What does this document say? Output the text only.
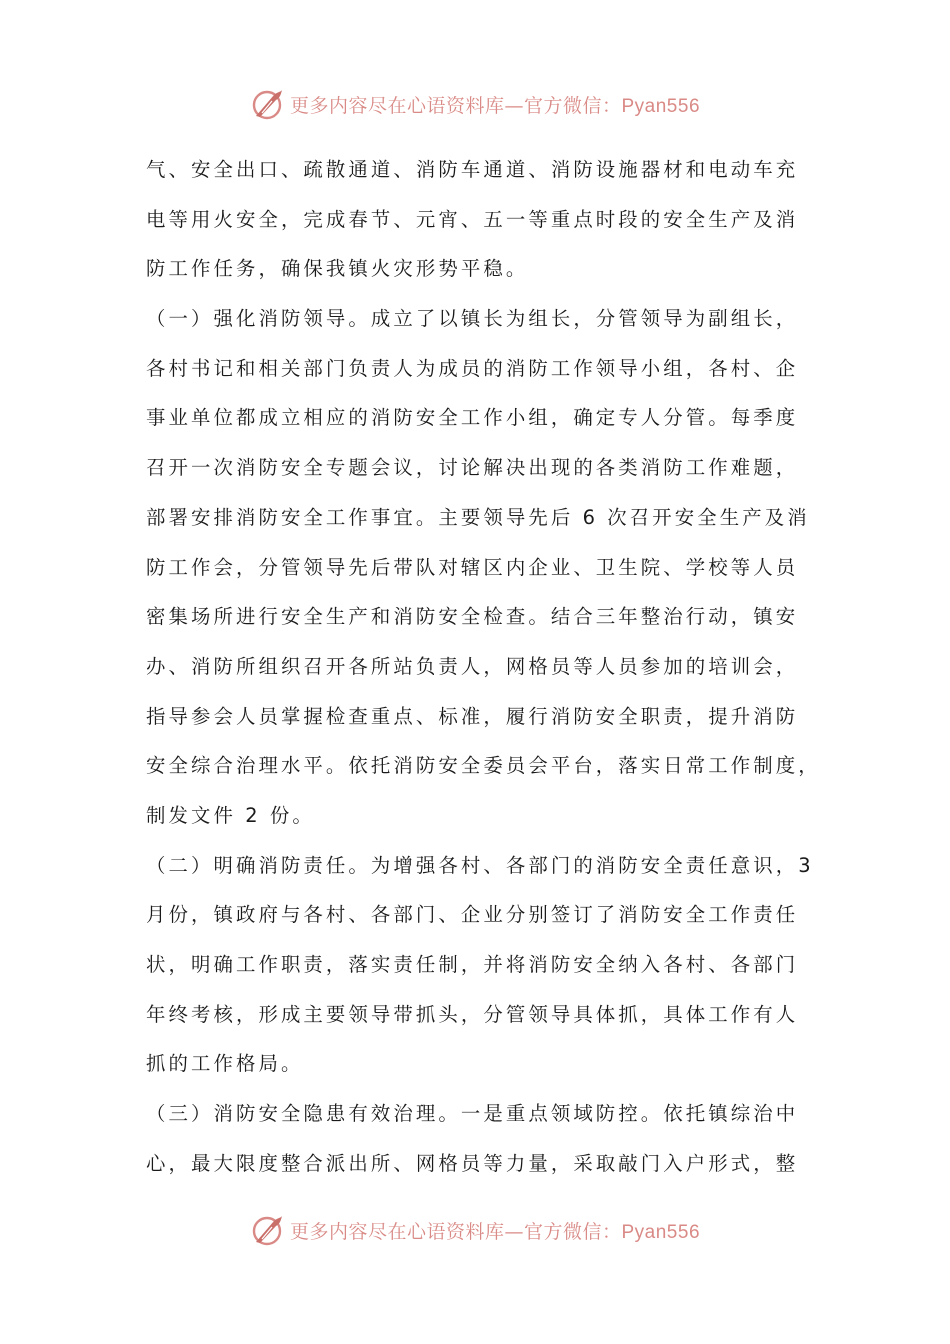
更多内容尽在心语资料库—官方微信：Pyan556
气、安全出口、疏散通道、消防车通道、消防设施器材和电动车充
电等用火安全，完成春节、元宵、五一等重点时段的安全生产及消
防工作任务，确保我镇火灾形势平稳。
（一）强化消防领导。成立了以镇长为组长，分管领导为副组长，
各村书记和相关部门负责人为成员的消防工作领导小组，各村、企
事业单位都成立相应的消防安全工作小组，确定专人分管。每季度
召开一次消防安全专题会议，讨论解决出现的各类消防工作难题，
部署安排消防安全工作事宜。主要领导先后 6 次召开安全生产及消
防工作会，分管领导先后带队对辖区内企业、卫生院、学校等人员
密集场所进行安全生产和消防安全检查。结合三年整治行动，镇安
办、消防所组织召开各所站负责人，网格员等人员参加的培训会，
指导参会人员掌握检查重点、标准，履行消防安全职责，提升消防
安全综合治理水平。依托消防安全委员会平台，落实日常工作制度，
制发文件 2 份。
（二）明确消防责任。为增强各村、各部门的消防安全责任意识，3
月份，镇政府与各村、各部门、企业分别签订了消防安全工作责任
状，明确工作职责，落实责任制，并将消防安全纳入各村、各部门
年终考核，形成主要领导带抓头，分管领导具体抓，具体工作有人
抓的工作格局。
（三）消防安全隐患有效治理。一是重点领域防控。依托镇综治中
心，最大限度整合派出所、网格员等力量，采取敲门入户形式，整
更多内容尽在心语资料库—官方微信：Pyan556
